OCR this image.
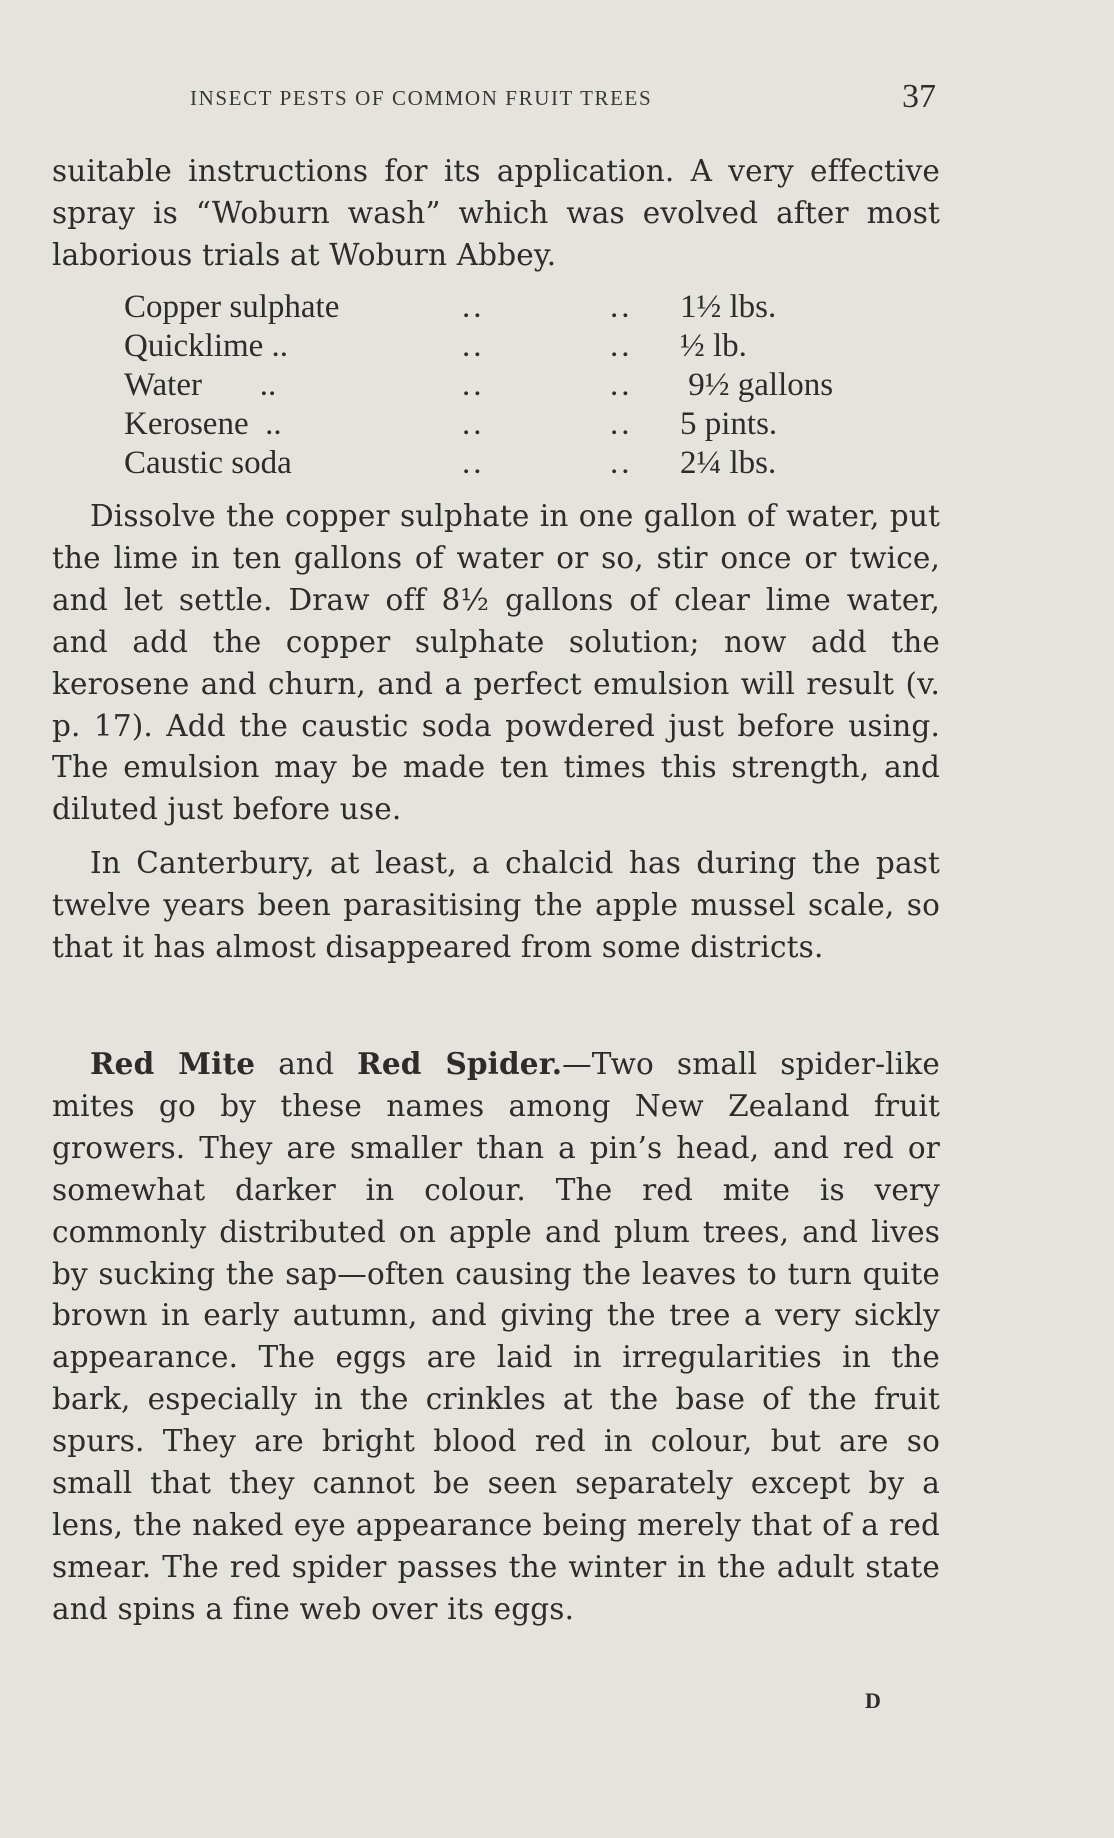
INSECT PESTS OF COMMON FRUIT TREES	37

suitable instructions for its application. A very effective spray is “Woburn wash” which was evolved after most laborious trials at Woburn Abbey.

Copper sulphate	..	.. 1½ lbs.
Quicklime ..	..	.. ½ lb.
Water       ..	..	.. 9½ gallons
Kerosene  ..	..	.. 5 pints.
Caustic soda	..	.. 2¼ lbs.

Dissolve the copper sulphate in one gallon of water, put the lime in ten gallons of water or so, stir once or twice, and let settle. Draw off 8½ gallons of clear lime water, and add the copper sulphate solution; now add the kerosene and churn, and a perfect emulsion will result (v. p. 17). Add the caustic soda powdered just before using. The emulsion may be made ten times this strength, and diluted just before use.

In Canterbury, at least, a chalcid has during the past twelve years been parasitising the apple mussel scale, so that it has almost disappeared from some districts.

Red Mite and Red Spider.—Two small spider-like mites go by these names among New Zealand fruit growers. They are smaller than a pin’s head, and red or somewhat darker in colour. The red mite is very commonly distributed on apple and plum trees, and lives by sucking the sap—often causing the leaves to turn quite brown in early autumn, and giving the tree a very sickly appearance. The eggs are laid in irregularities in the bark, especially in the crinkles at the base of the fruit spurs. They are bright blood red in colour, but are so small that they cannot be seen separately except by a lens, the naked eye appearance being merely that of a red smear. The red spider passes the winter in the adult state and spins a fine web over its eggs.

D
